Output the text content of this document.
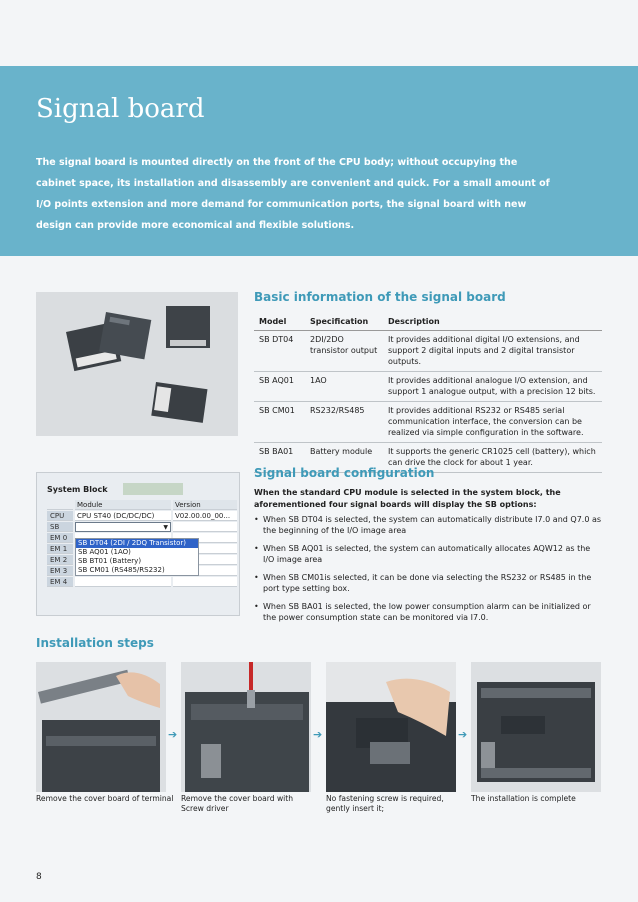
Signal board

The signal board is mounted directly on the front of the CPU body; without occupying the cabinet space, its installation and disassembly are convenient and quick. For a small amount of I/O points extension and more demand for communication ports, the signal board with new design can provide more economical and flexible solutions.

Basic information of the signal board
Model	Specification	Description
SB DT04	2DI/2DO transistor output	It provides additional digital I/O extensions, and support 2 digital inputs and 2 digital transistor outputs.
SB AQ01	1AO	It provides additional analogue I/O extension, and support 1 analogue output, with a precision 12 bits.
SB CM01	RS232/RS485	It provides additional RS232 or RS485 serial communication interface, the conversion can be realized via simple configuration in the software.
SB BA01	Battery module	It supports the generic CR1025 cell (battery), which can drive the clock for about 1 year.
System Block
Module	Version
CPU	CPU ST40 (DC/DC/DC)	V02.00.00_00...
SB	▼
EM 0
EM 1
EM 2
EM 3
EM 4
SB DT04 (2DI / 2DQ Transistor)
SB AQ01 (1AO)
SB BT01 (Battery)
SB CM01 (RS485/RS232)
Signal board configuration

When the standard CPU module is selected in the system block, the aforementioned four signal boards will display the SB options:

• When SB DT04 is selected, the system can automatically distribute I7.0 and Q7.0 as the beginning of the I/O image area
• When SB AQ01 is selected, the system can automatically allocates AQW12 as the I/O image area
• When SB CM01is selected, it can be done via selecting the RS232 or RS485 in the port type setting box.
• When SB BA01 is selected, the low power consumption alarm can be initialized or the power consumption state can be monitored via I7.0.
Installation steps
➔	➔	➔

Remove the cover board of terminal Remove the cover board with Screw driver

No fastening screw is required, gently insert it;

The installation is complete

8
